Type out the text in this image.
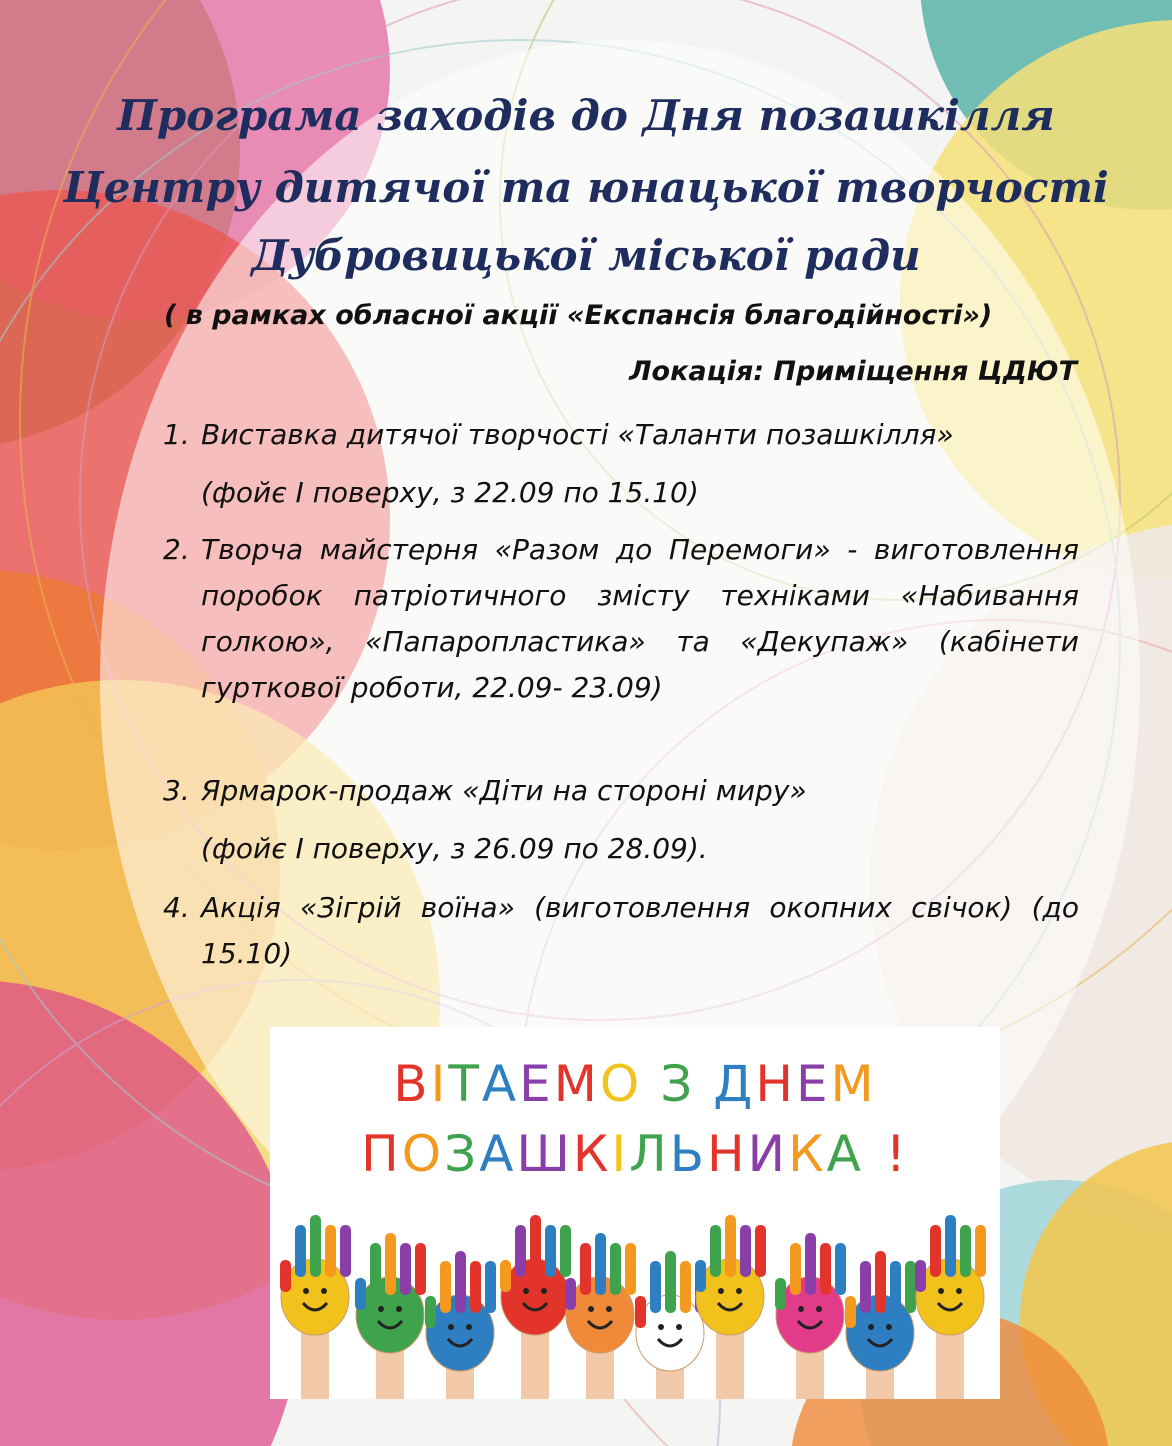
Програма заходів до Дня позашкілля
Центру дитячої та юнацької творчості
Дубровицької міської ради
( в рамках обласної акції «Експансія благодійності»)
Локація: Приміщення ЦДЮТ
1. Виставка дитячої творчості «Таланти позашкілля»
(фойє І поверху, з 22.09 по 15.10)
2. Творча майстерня «Разом до Перемоги» - виготовлення поробок патріотичного змісту техніками «Набивання голкою», «Папаропластика» та «Декупаж» (кабінети гурткової роботи, 22.09- 23.09)
3. Ярмарок-продаж «Діти на стороні миру»
(фойє І поверху, з 26.09 по 28.09).
4. Акція «Зігрій воїна» (виготовлення окопних свічок) (до 15.10)
ВІТАЕМО З ДНЕМ
ПОЗАШКІЛЬНИКА !
